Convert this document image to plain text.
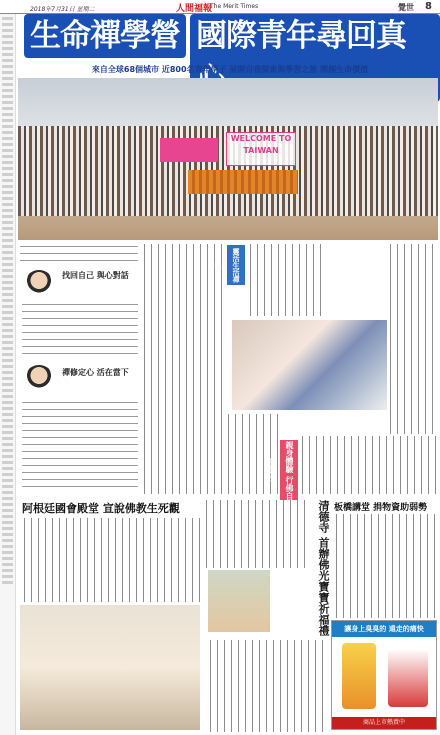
2018年7月31日 星期二	人間福報
The Merit Times	覺世 8
生命禪學營 國際青年尋回真
來自全球68個城市 近800名青年學子 展開自我探索與學習之旅 開創生命價值
WELCOME TO TAIWAN
找回自己 與心對話
禪修定心 活在當下
靈活生活禪味
親身體驗 行佛自我覺悟
阿根廷國會殿堂 宣說佛教生死觀	清德寺 首辦佛光寶寶祈福禮 板橋講堂 捐物資助弱勢
讓身上臭臭的 遠走的痛快
商品上市熱賣中
